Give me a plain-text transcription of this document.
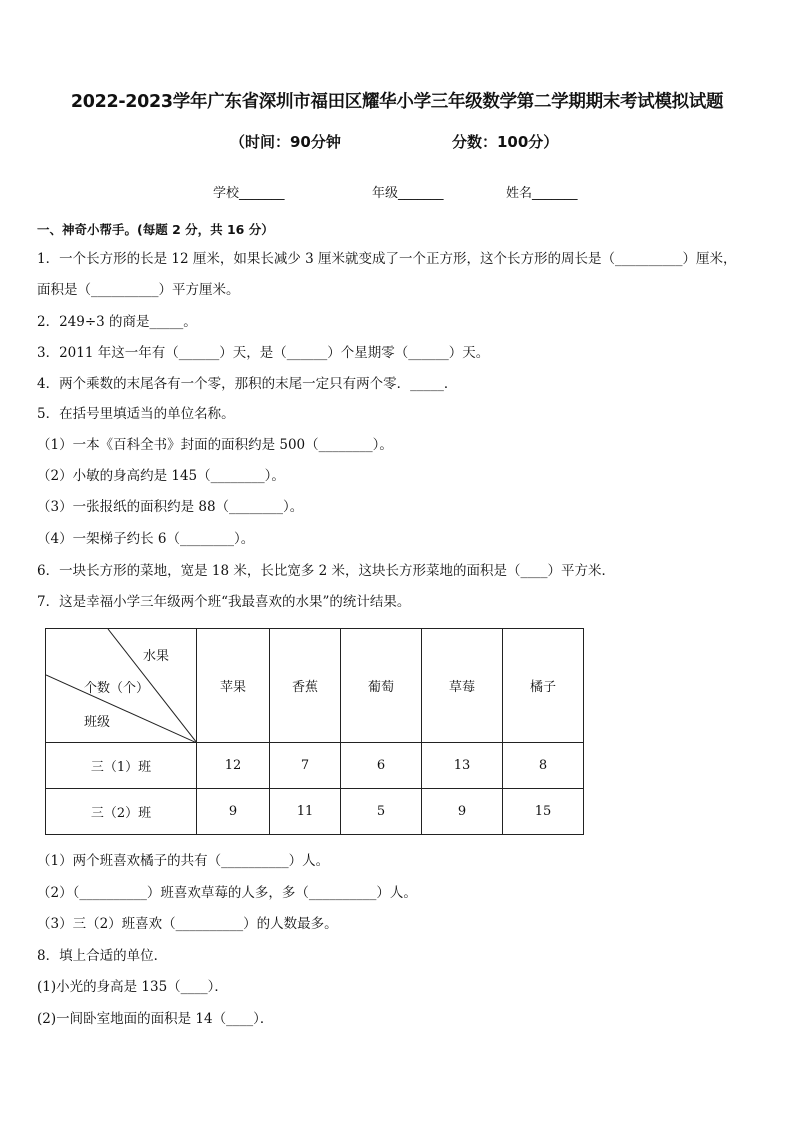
2022-2023学年广东省深圳市福田区耀华小学三年级数学第二学期期末考试模拟试题
（时间：90分钟	分数：100分）
学校_______	年级_______	姓名_______
一、神奇小帮手。(每题 2 分，共 16 分）
1．一个长方形的长是 12 厘米，如果长减少 3 厘米就变成了一个正方形，这个长方形的周长是（__________）厘米，
面积是（__________）平方厘米。
2．249÷3 的商是_____。
3．2011 年这一年有（______）天，是（______）个星期零（______）天。
4．两个乘数的末尾各有一个零，那积的末尾一定只有两个零．_____．
5．在括号里填适当的单位名称。
（1）一本《百科全书》封面的面积约是 500（________）。
（2）小敏的身高约是 145（________）。
（3）一张报纸的面积约是 88（________）。
（4）一架梯子约长 6（________）。
6．一块长方形的菜地，宽是 18 米，长比宽多 2 米，这块长方形菜地的面积是（____）平方米．
7．这是幸福小学三年级两个班“我最喜欢的水果”的统计结果。
水果
个数（个）
班级	苹果	香蕉	葡萄	草莓	橘子
三（1）班	12	7	6	13	8
三（2）班	9	11	5	9	15
（1）两个班喜欢橘子的共有（__________）人。
（2）（__________）班喜欢草莓的人多，多（__________）人。
（3）三（2）班喜欢（__________）的人数最多。
8．填上合适的单位．
(1)小光的身高是 135（____）．
(2)一间卧室地面的面积是 14（____）．
